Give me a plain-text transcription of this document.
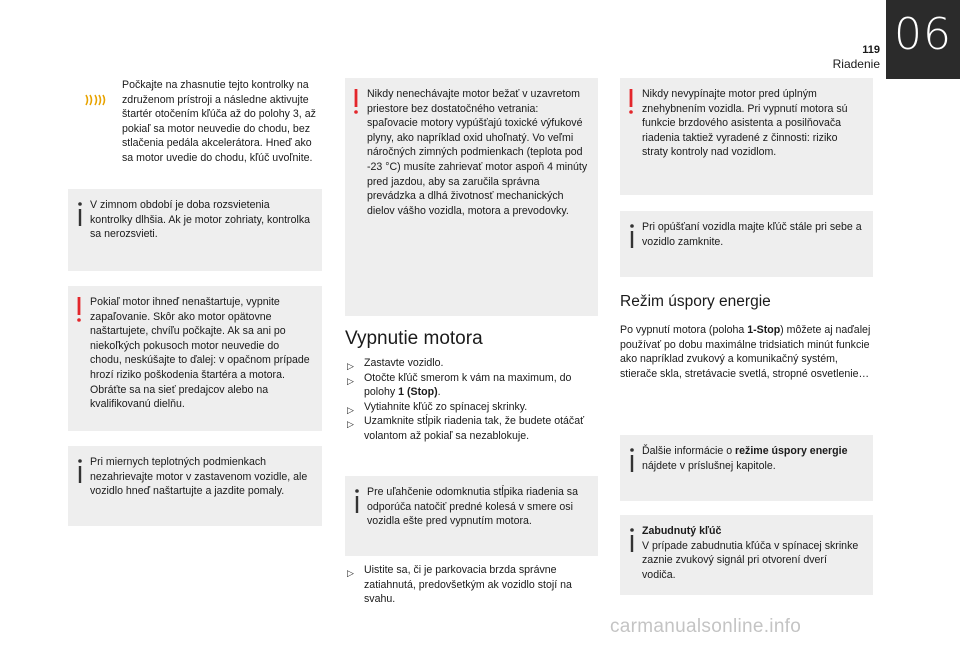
119
Riadenie
06
Počkajte na zhasnutie tejto kontrolky na združenom prístroji a následne aktivujte štartér otočením kľúča až do polohy 3, až pokiaľ sa motor neuvedie do chodu, bez stlačenia pedála akcelerátora. Hneď ako sa motor uvedie do chodu, kľúč uvoľnite.
V zimnom období je doba rozsvietenia kontrolky dlhšia. Ak je motor zohriaty, kontrolka sa nerozsvieti.
Pokiaľ motor ihneď nenaštartuje, vypnite zapaľovanie. Skôr ako motor opätovne naštartujete, chvíľu počkajte. Ak sa ani po niekoľkých pokusoch motor neuvedie do chodu, neskúšajte to ďalej: v opačnom prípade hrozí riziko poškodenia štartéra a motora. Obráťte sa na sieť predajcov alebo na kvalifikovanú dielňu.
Pri miernych teplotných podmienkach nezahrievajte motor v zastavenom vozidle, ale vozidlo hneď naštartujte a jazdite pomaly.
Nikdy nenechávajte motor bežať v uzavretom priestore bez dostatočného vetrania: spaľovacie motory vypúšťajú toxické výfukové plyny, ako napríklad oxid uhoľnatý. Vo veľmi náročných zimných podmienkach (teplota pod -23 °C) musíte zahrievať motor aspoň 4 minúty pred jazdou, aby sa zaručila správna prevádzka a dlhá životnosť mechanických dielov vášho vozidla, motora a prevodovky.
Vypnutie motora
▷ Zastavte vozidlo.
▷ Otočte kľúč smerom k vám na maximum, do polohy 1 (Stop).
▷ Vytiahnite kľúč zo spínacej skrinky.
▷ Uzamknite stĺpik riadenia tak, že budete otáčať volantom až pokiaľ sa nezablokuje.
Pre uľahčenie odomknutia stĺpika riadenia sa odporúča natočiť predné kolesá v smere osi vozidla ešte pred vypnutím motora.
▷ Uistite sa, či je parkovacia brzda správne zatiahnutá, predovšetkým ak vozidlo stojí na svahu.
Nikdy nevypínajte motor pred úplným znehybnením vozidla. Pri vypnutí motora sú funkcie brzdového asistenta a posilňovača riadenia taktiež vyradené z činnosti: riziko straty kontroly nad vozidlom.
Pri opúšťaní vozidla majte kľúč stále pri sebe a vozidlo zamknite.
Režim úspory energie
Po vypnutí motora (poloha 1-Stop) môžete aj naďalej používať po dobu maximálne tridsiatich minút funkcie ako napríklad zvukový a komunikačný systém, stierače skla, stretávacie svetlá, stropné osvetlenie…
Ďalšie informácie o režime úspory energie nájdete v príslušnej kapitole.
Zabudnutý kľúč
V prípade zabudnutia kľúča v spínacej skrinke zaznie zvukový signál pri otvorení dverí vodiča.
carmanualsonline.info
